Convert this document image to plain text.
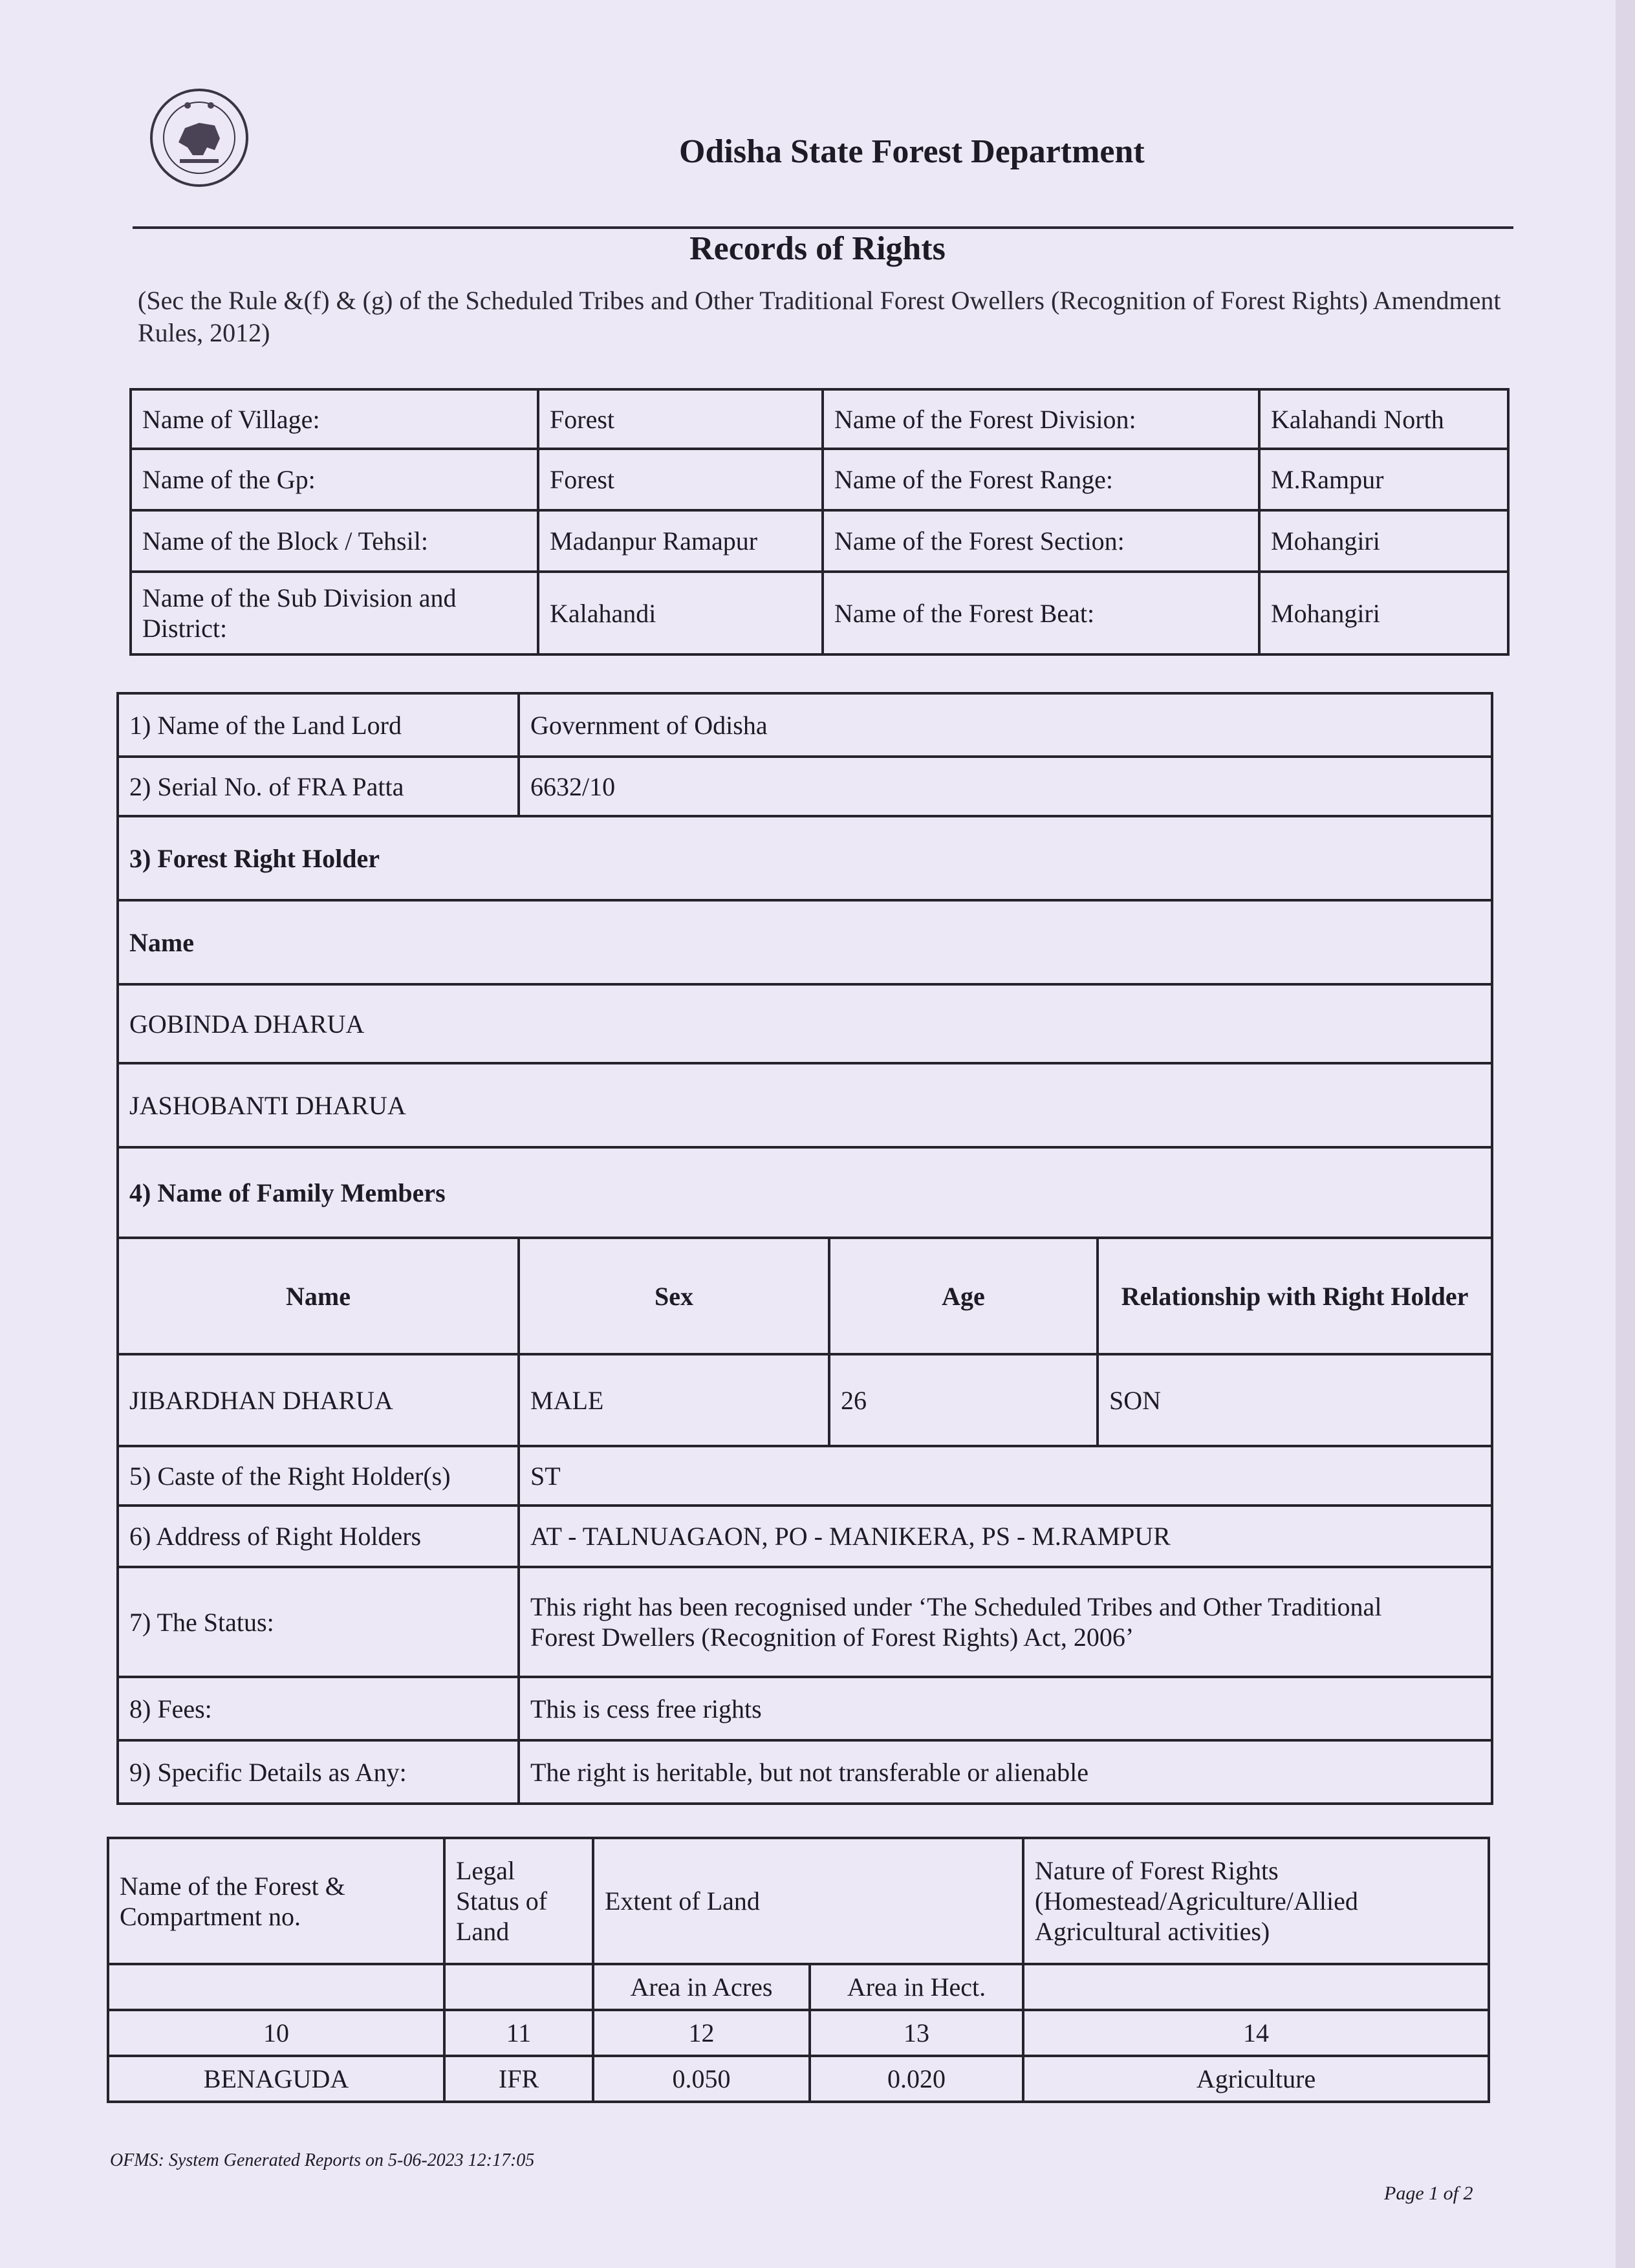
Odisha State Forest Department
Records of Rights
(Sec the Rule &(f) & (g) of the Scheduled Tribes and Other Traditional Forest Owellers (Recognition of Forest Rights) Amendment Rules, 2012)
Name of Village:	Forest	Name of the Forest Division:	Kalahandi North
Name of the Gp:	Forest	Name of the Forest Range:	M.Rampur
Name of the Block / Tehsil:	Madanpur Ramapur	Name of the Forest Section:	Mohangiri
Name of the Sub Division and District:	Kalahandi	Name of the Forest Beat:	Mohangiri
1) Name of the Land Lord	Government of Odisha		
2) Serial No. of FRA Patta	6632/10		
3) Forest Right Holder			
Name			
GOBINDA DHARUA			
JASHOBANTI DHARUA			
4) Name of Family Members			
Name	Sex	Age	Relationship with Right Holder
JIBARDHAN DHARUA	MALE	26	SON
5) Caste of the Right Holder(s)	ST		
6) Address of Right Holders	AT - TALNUAGAON, PO - MANIKERA, PS - M.RAMPUR		
7) The Status:	This right has been recognised under ‘The Scheduled Tribes and Other Traditional
Forest Dwellers (Recognition of Forest Rights) Act, 2006’		

8) Fees:	This is cess free rights		
9) Specific Details as Any:	The right is heritable, but not transferable or alienable		
Name of the Forest & Compartment no.	Legal Status of Land	Extent of Land		Nature of Forest Rights (Homestead/Agriculture/Allied Agricultural activities)
		Area in Acres	Area in Hect.	
10	11	12	13	14
BENAGUDA	IFR	0.050	0.020	Agriculture
OFMS: System Generated Reports on 5-06-2023 12:17:05
Page 1 of 2
